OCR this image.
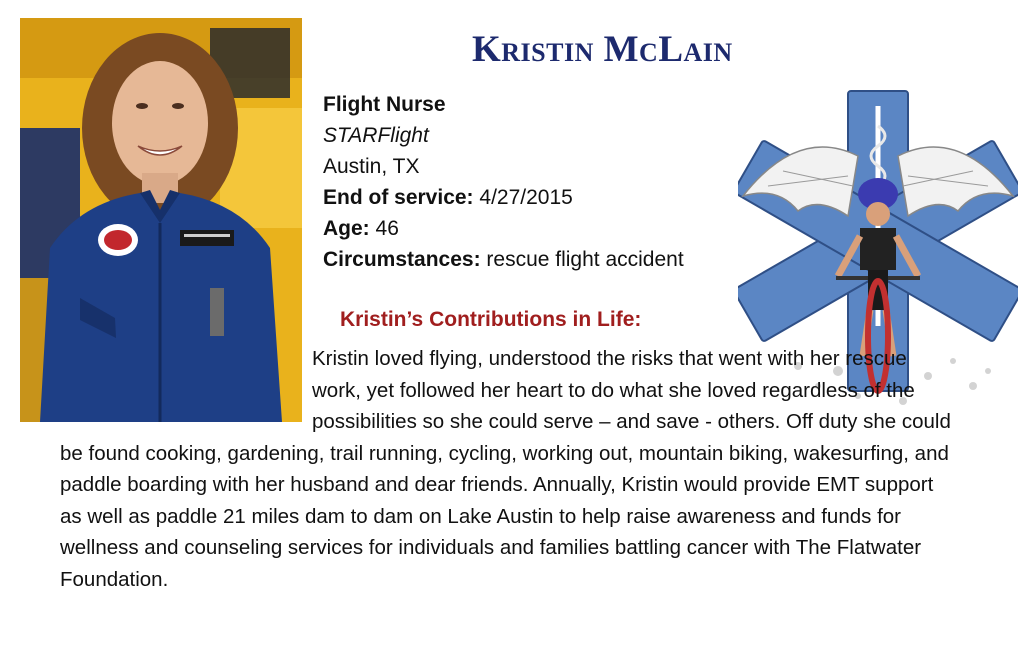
Kristin McLain
Flight Nurse
STARFlight
Austin, TX
End of service: 4/27/2015
Age: 46
Circumstances: rescue flight accident
Kristin’s Contributions in Life:
Kristin loved flying, understood the risks that went with her rescue work, yet followed her heart to do what she loved regardless of the possibilities so she could serve – and save - others. Off duty she could be found cooking, gardening, trail running, cycling, working out, mountain biking, wakesurfing, and paddle boarding with her husband and dear friends. Annually, Kristin would provide EMT support as well as paddle 21 miles dam to dam on Lake Austin to help raise awareness and funds for wellness and counseling services for individuals and families battling cancer with The Flatwater Foundation.
